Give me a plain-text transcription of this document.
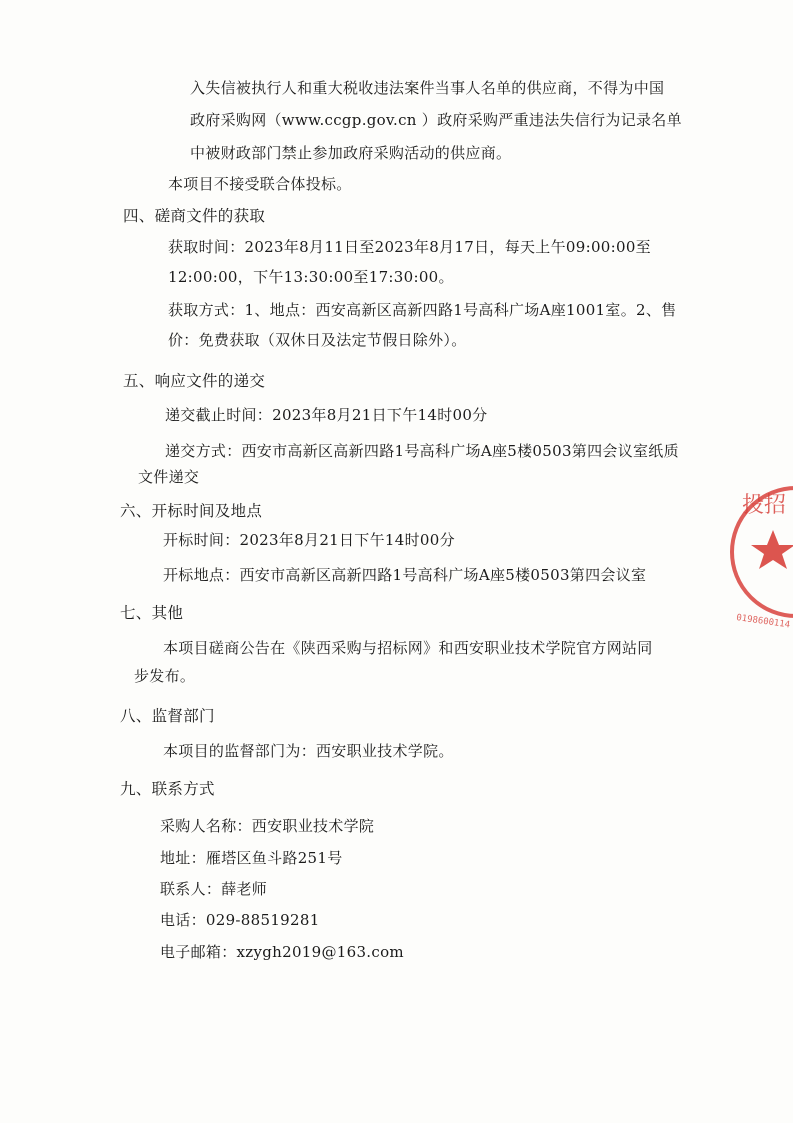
入失信被执行人和重大税收违法案件当事人名单的供应商，不得为中国
政府采购网（www.ccgp.gov.cn ）政府采购严重违法失信行为记录名单
中被财政部门禁止参加政府采购活动的供应商。
本项目不接受联合体投标。
四、磋商文件的获取
获取时间：2023年8月11日至2023年8月17日，每天上午09:00:00至
12:00:00，下午13:30:00至17:30:00。
获取方式：1、地点：西安高新区高新四路1号高科广场A座1001室。2、售
价：免费获取（双休日及法定节假日除外）。
五、响应文件的递交
递交截止时间：2023年8月21日下午14时00分
递交方式：西安市高新区高新四路1号高科广场A座5楼0503第四会议室纸质
文件递交
六、开标时间及地点
开标时间：2023年8月21日下午14时00分
开标地点：西安市高新区高新四路1号高科广场A座5楼0503第四会议室
七、其他
本项目磋商公告在《陕西采购与招标网》和西安职业技术学院官方网站同
步发布。
八、监督部门
本项目的监督部门为：西安职业技术学院。
九、联系方式
采购人名称：西安职业技术学院
地址：雁塔区鱼斗路251号
联系人：薛老师
电话：029-88519281
电子邮箱：xzygh2019@163.com
投招
0198600114
